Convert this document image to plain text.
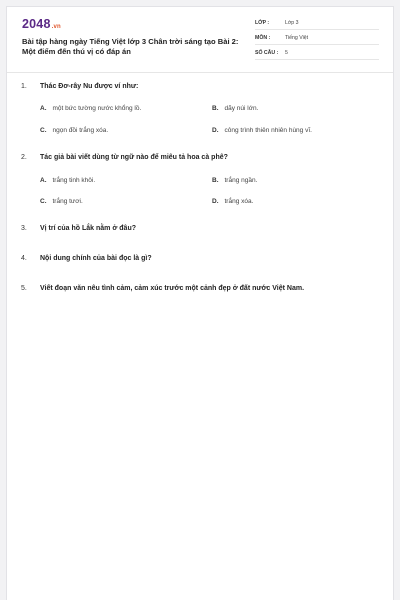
2048.vn
Bài tập hàng ngày Tiếng Việt lớp 3 Chân trời sáng tạo Bài 2: Một điểm đến thú vị có đáp án
LỚP :	Lớp 3
MÔN :	Tiếng Việt
SỐ CÂU : 5
1. Thác Đơ-rây Nu được ví như:
A. một bức tường nước khổng lồ.	B. dãy núi lớn.
C. ngọn đồi trắng xóa.	D. công trình thiên nhiên hùng vĩ.
2. Tác giả bài viết dùng từ ngữ nào để miêu tả hoa cà phê?
A. trắng tinh khôi.	B. trắng ngần.
C. trắng tươi.	D. trắng xóa.
3. Vị trí của hồ Lắk nằm ở đâu?
4. Nội dung chính của bài đọc là gì?
5. Viết đoạn văn nêu tình cảm, cảm xúc trước một cảnh đẹp ở đất nước Việt Nam.
